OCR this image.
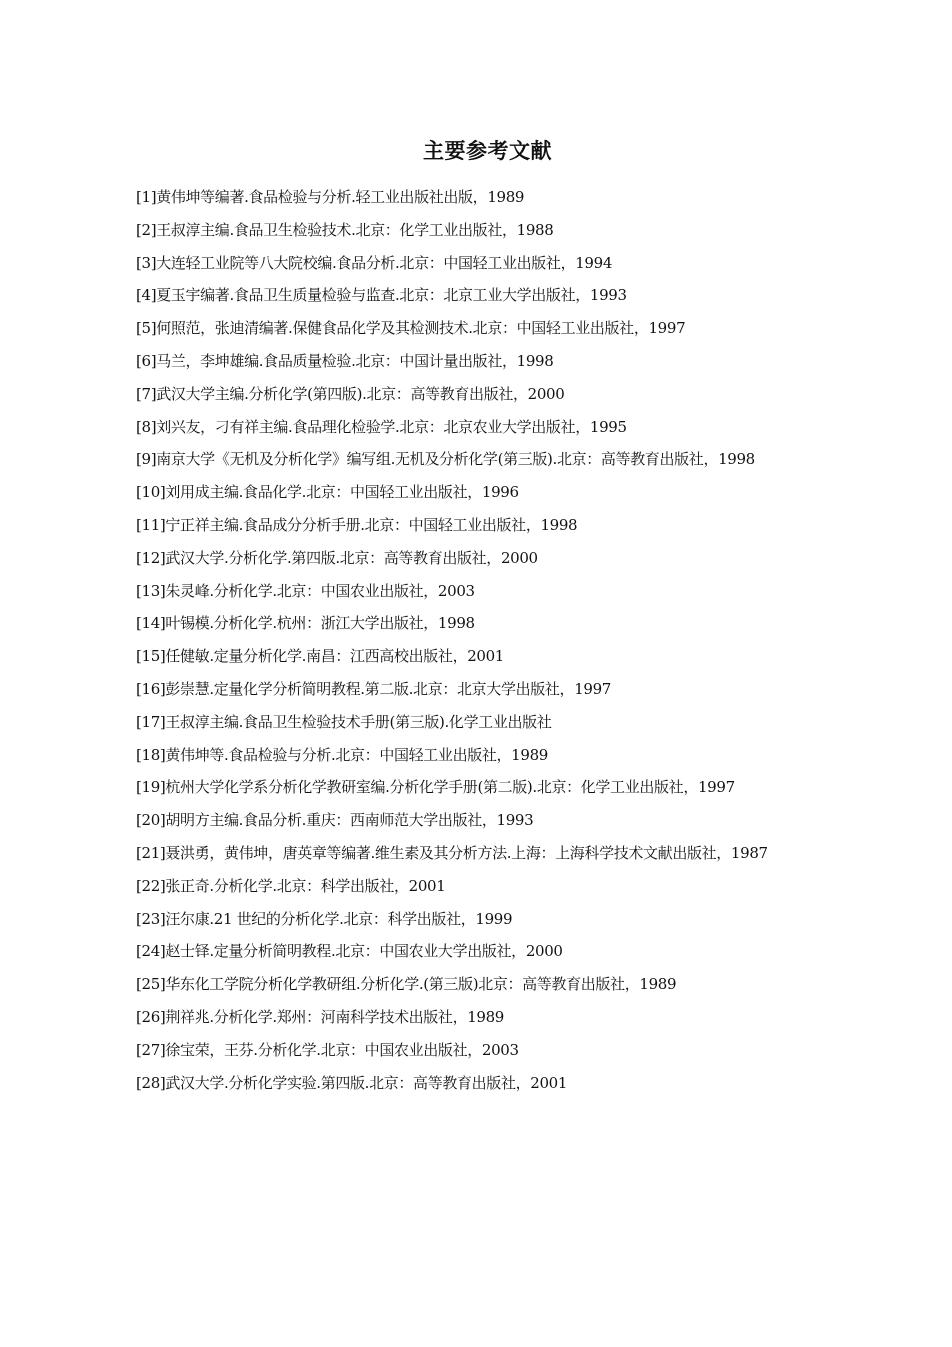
主要参考文献
[1]黄伟坤等编著.食品检验与分析.轻工业出版社出版，1989
[2]王叔淳主编.食品卫生检验技术.北京：化学工业出版社，1988
[3]大连轻工业院等八大院校编.食品分析.北京：中国轻工业出版社，1994
[4]夏玉宇编著.食品卫生质量检验与监查.北京：北京工业大学出版社，1993
[5]何照范，张迪清编著.保健食品化学及其检测技术.北京：中国轻工业出版社，1997
[6]马兰，李坤雄编.食品质量检验.北京：中国计量出版社，1998
[7]武汉大学主编.分析化学(第四版).北京：高等教育出版社，2000
[8]刘兴友，刁有祥主编.食品理化检验学.北京：北京农业大学出版社，1995
[9]南京大学《无机及分析化学》编写组.无机及分析化学(第三版).北京：高等教育出版社，1998
[10]刘用成主编.食品化学.北京：中国轻工业出版社，1996
[11]宁正祥主编.食品成分分析手册.北京：中国轻工业出版社，1998
[12]武汉大学.分析化学.第四版.北京：高等教育出版社，2000
[13]朱灵峰.分析化学.北京：中国农业出版社，2003
[14]叶锡模.分析化学.杭州：浙江大学出版社，1998
[15]任健敏.定量分析化学.南昌：江西高校出版社，2001
[16]彭崇慧.定量化学分析简明教程.第二版.北京：北京大学出版社，1997
[17]王叔淳主编.食品卫生检验技术手册(第三版).化学工业出版社
[18]黄伟坤等.食品检验与分析.北京：中国轻工业出版社，1989
[19]杭州大学化学系分析化学教研室编.分析化学手册(第二版).北京：化学工业出版社，1997
[20]胡明方主编.食品分析.重庆：西南师范大学出版社，1993
[21]聂洪勇，黄伟坤，唐英章等编著.维生素及其分析方法.上海：上海科学技术文献出版社，1987
[22]张正奇.分析化学.北京：科学出版社，2001
[23]汪尔康.21 世纪的分析化学.北京：科学出版社，1999
[24]赵士铎.定量分析简明教程.北京：中国农业大学出版社，2000
[25]华东化工学院分析化学教研组.分析化学.(第三版)北京：高等教育出版社，1989
[26]荆祥兆.分析化学.郑州：河南科学技术出版社，1989
[27]徐宝荣，王芬.分析化学.北京：中国农业出版社，2003
[28]武汉大学.分析化学实验.第四版.北京：高等教育出版社，2001
